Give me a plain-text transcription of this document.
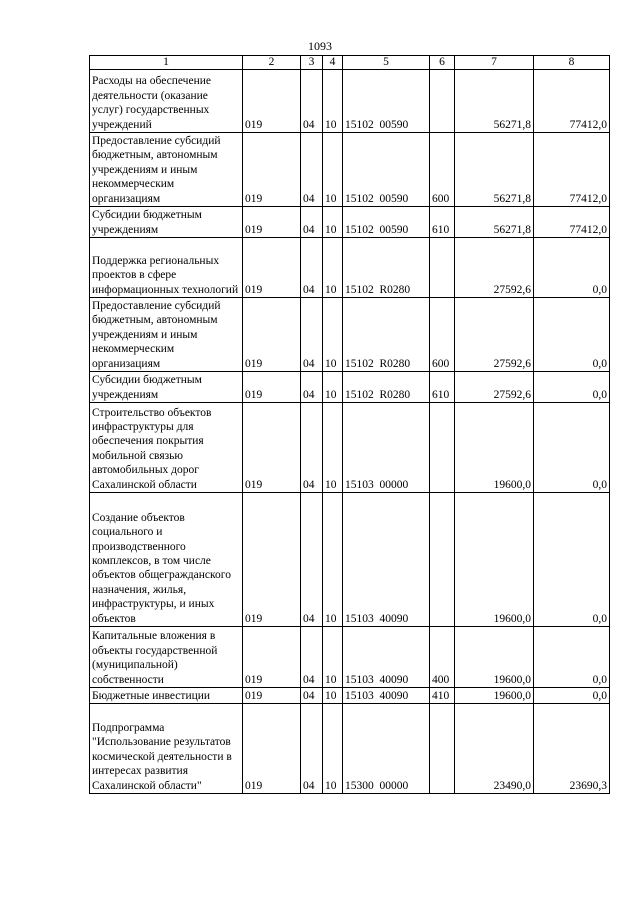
1093
1	2	3	4	5	6	7	8
Расходы на обеспечение деятельности (оказание услуг) государственных учреждений	019	04	10	15102  00590		56271,8	77412,0
Предоставление субсидий бюджетным, автономным учреждениям и иным некоммерческим организациям	019	04	10	15102  00590	600	56271,8	77412,0
Субсидии бюджетным учреждениям	019	04	10	15102  00590	610	56271,8	77412,0
Поддержка региональных проектов в сфере информационных технологий	019	04	10	15102  R0280		27592,6	0,0
Предоставление субсидий бюджетным, автономным учреждениям и иным некоммерческим организациям	019	04	10	15102  R0280	600	27592,6	0,0
Субсидии бюджетным учреждениям	019	04	10	15102  R0280	610	27592,6	0,0
Строительство объектов инфраструктуры для обеспечения покрытия мобильной связью автомобильных дорог Сахалинской области	019	04	10	15103  00000		19600,0	0,0
Создание объектов социального и производственного комплексов, в том числе объектов общегражданского назначения, жилья, инфраструктуры, и иных объектов	019	04	10	15103  40090		19600,0	0,0
Капитальные вложения в объекты государственной (муниципальной) собственности	019	04	10	15103  40090	400	19600,0	0,0
Бюджетные инвестиции	019	04	10	15103  40090	410	19600,0	0,0
Подпрограмма "Использование результатов космической деятельности в интересах развития Сахалинской области"	019	04	10	15300  00000		23490,0	23690,3
